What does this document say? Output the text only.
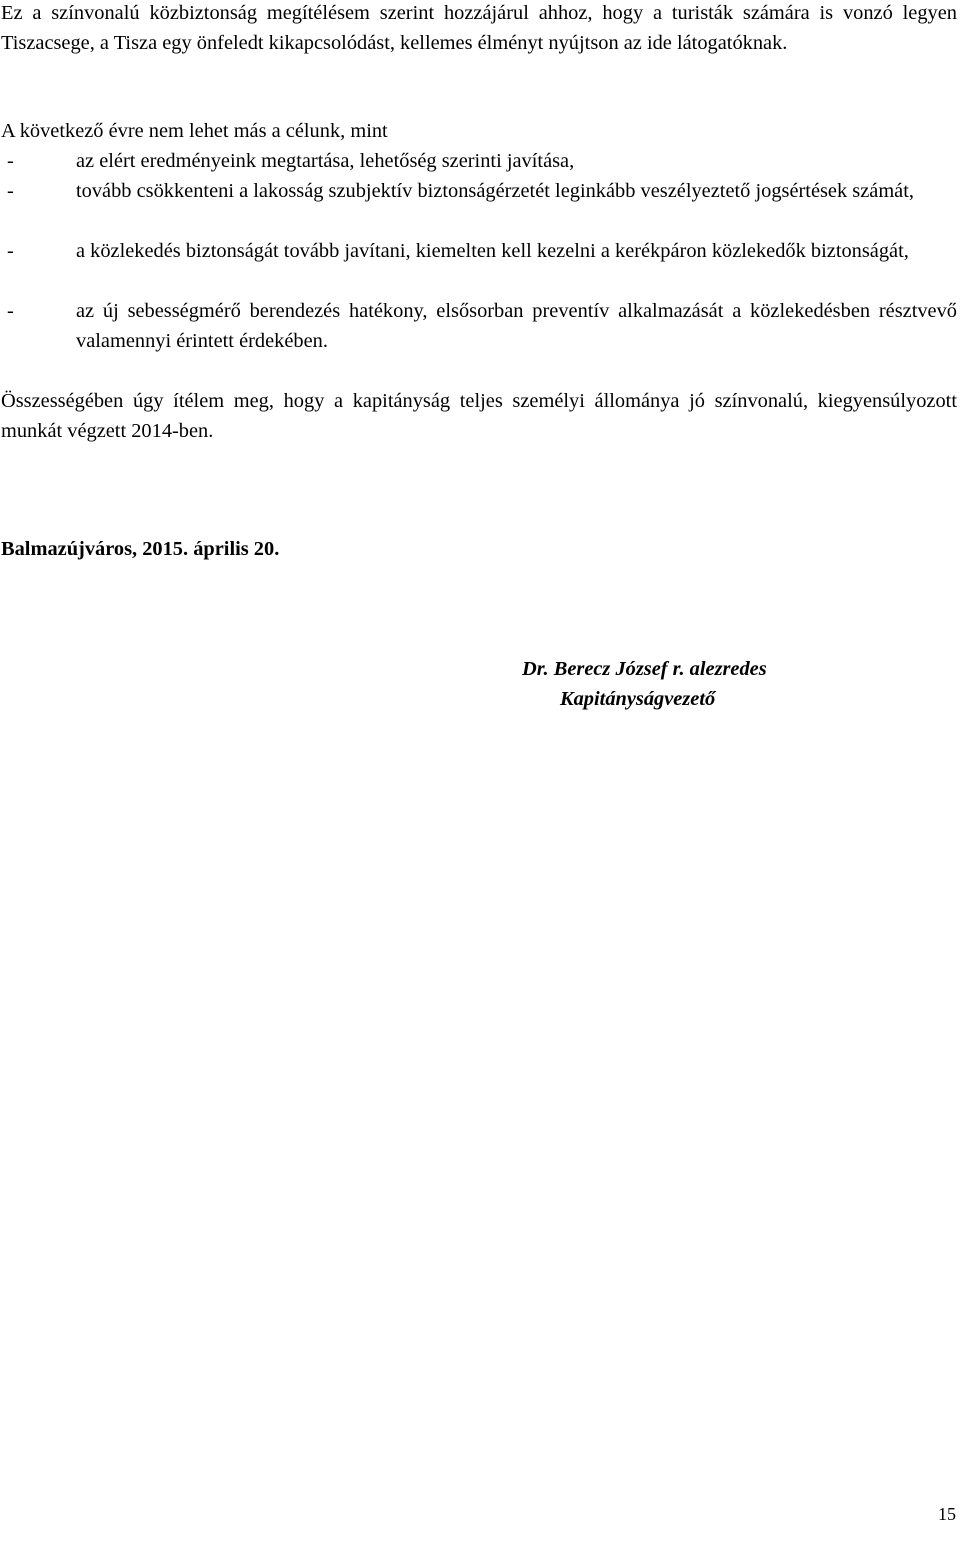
Ez a színvonalú közbiztonság megítélésem szerint hozzájárul ahhoz, hogy a turisták számára is vonzó legyen Tiszacsege, a Tisza egy önfeledt kikapcsolódást, kellemes élményt nyújtson az ide látogatóknak.

A következő évre nem lehet más a célunk, mint

-	az elért eredményeink megtartása, lehetőség szerinti javítása,
-	tovább csökkenteni a lakosság szubjektív biztonságérzetét leginkább veszélyeztető jogsértések számát,
-	a közlekedés biztonságát tovább javítani, kiemelten kell kezelni a kerékpáron közlekedők biztonságát,
-	az új sebességmérő berendezés hatékony, elsősorban preventív alkalmazását a közlekedésben résztvevő valamennyi érintett érdekében.

Összességében úgy ítélem meg, hogy a kapitányság teljes személyi állománya jó színvonalú, kiegyensúlyozott munkát végzett 2014-ben.

Balmazújváros, 2015. április 20.

Dr. Berecz József r. alezredes
Kapitányságvezető
15
